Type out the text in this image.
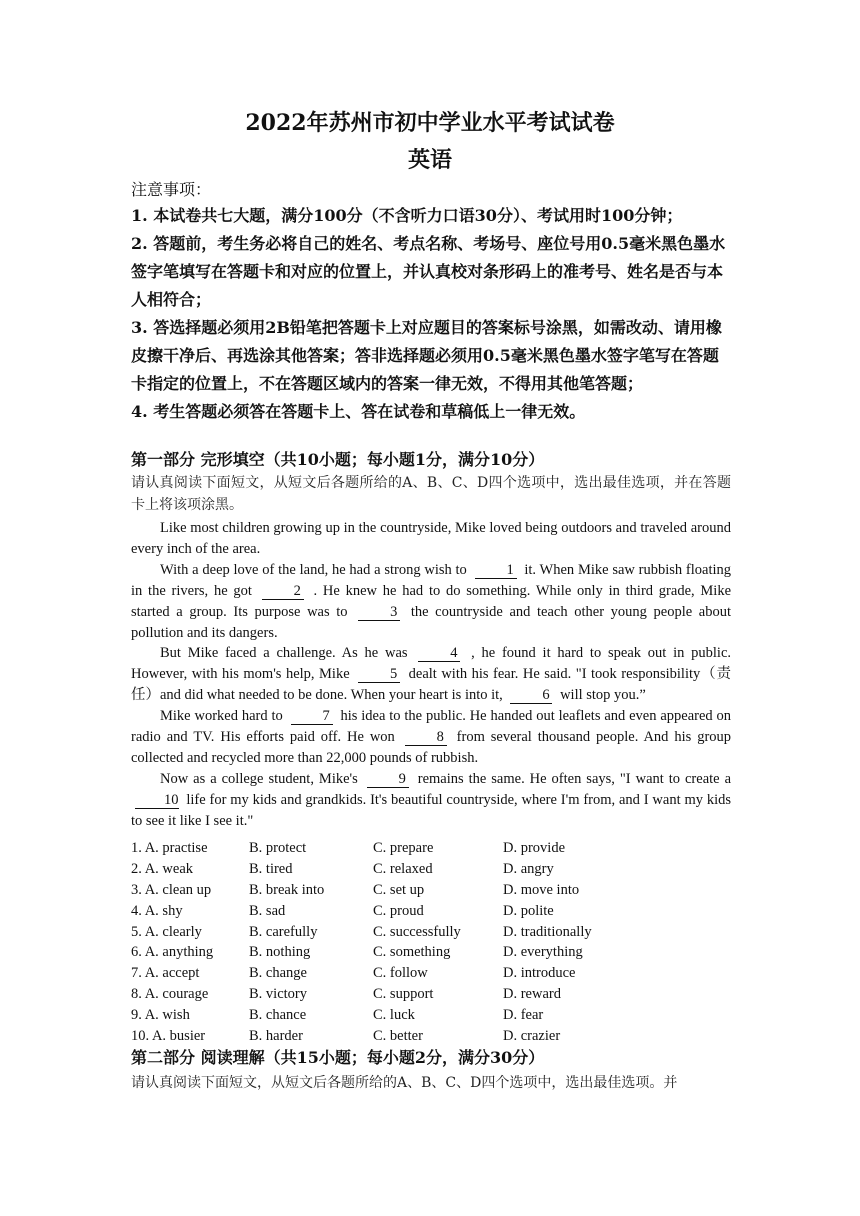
2022年苏州市初中学业水平考试试卷
英语
注意事项：

1. 本试卷共七大题，满分100分（不含听力口语30分）、考试用时100分钟；

2. 答题前，考生务必将自己的姓名、考点名称、考场号、座位号用0.5毫米黑色墨水签字笔填写在答题卡和对应的位置上，并认真校对条形码上的准考号、姓名是否与本人相符合；

3. 答选择题必须用2B铅笔把答题卡上对应题目的答案标号涂黑，如需改动、请用橡皮擦干净后、再选涂其他答案；答非选择题必须用0.5毫米黑色墨水签字笔写在答题卡指定的位置上，不在答题区域内的答案一律无效，不得用其他笔答题；

4. 考生答题必须答在答题卡上、答在试卷和草稿低上一律无效。

第一部分 完形填空（共10小题；每小题1分，满分10分）
请认真阅读下面短文，从短文后各题所给的A、B、C、D四个选项中，选出最佳选项，并在答题卡上将该项涂黑。

Like most children growing up in the countryside, Mike loved being outdoors and traveled around every inch of the area.

With a deep love of the land, he had a strong wish to	1 it. When Mike saw rubbish floating in the rivers, he got	2 . He knew he had to do something. While only in third grade, Mike started a group. Its purpose was to	3 the countryside and teach other young people about pollution and its dangers.

But Mike faced a challenge. As he was	4 , he found it hard to speak out in public. However, with his mom's help, Mike	5 dealt with his fear. He said. "I took responsibility（责任）and did what needed to be done. When your heart is into it,	6 will stop you.”

Mike worked hard to	7 his idea to the public. He handed out leaflets and even appeared on radio and TV. His efforts paid off. He won	8 from several thousand people. And his group collected and recycled more than 22,000 pounds of rubbish.

Now as a college student, Mike's	9 remains the same. He often says, "I want to create a 10 life for my kids and grandkids. It's beautiful countryside, where I'm from, and I want my kids to see it like I see it."

1. A. practise	B. protect	C. prepare	D. provide
2. A. weak	B. tired	C. relaxed	D. angry
3. A. clean up	B. break into	C. set up	D. move into
4. A. shy	B. sad	C. proud	D. polite
5. A. clearly	B. carefully	C. successfully	D. traditionally
6. A. anything	B. nothing	C. something	D. everything
7. A. accept	B. change	C. follow	D. introduce
8. A. courage	B. victory	C. support	D. reward
9. A. wish	B. chance	C. luck	D. fear
10. A. busier	B. harder	C. better	D. crazier
第二部分 阅读理解（共15小题；每小题2分，满分30分）
请认真阅读下面短文，从短文后各题所给的A、B、C、D四个选项中，选出最佳选项。并
